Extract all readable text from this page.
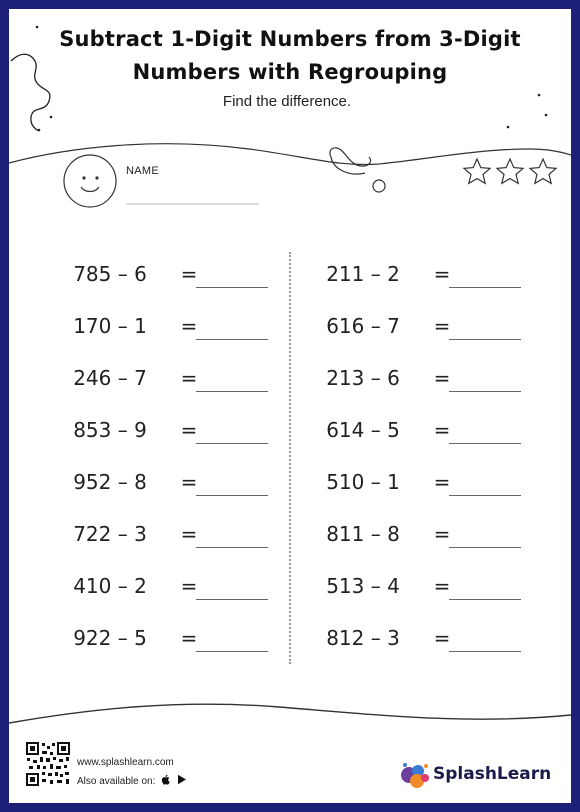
Subtract 1-Digit Numbers from 3-Digit
Numbers with Regrouping
Find the difference.
NAME
785 – 6	=
170 – 1	=
246 – 7	=
853 – 9	=
952 – 8	=
722 – 3	=
410 – 2	=
922 – 5	=
211 – 2	=
616 – 7	=
213 – 6	=
614 – 5	=
510 – 1	=
811 – 8	=
513 – 4	=
812 – 3	=
www.splashlearn.com
Also available on:	SplashLearn
